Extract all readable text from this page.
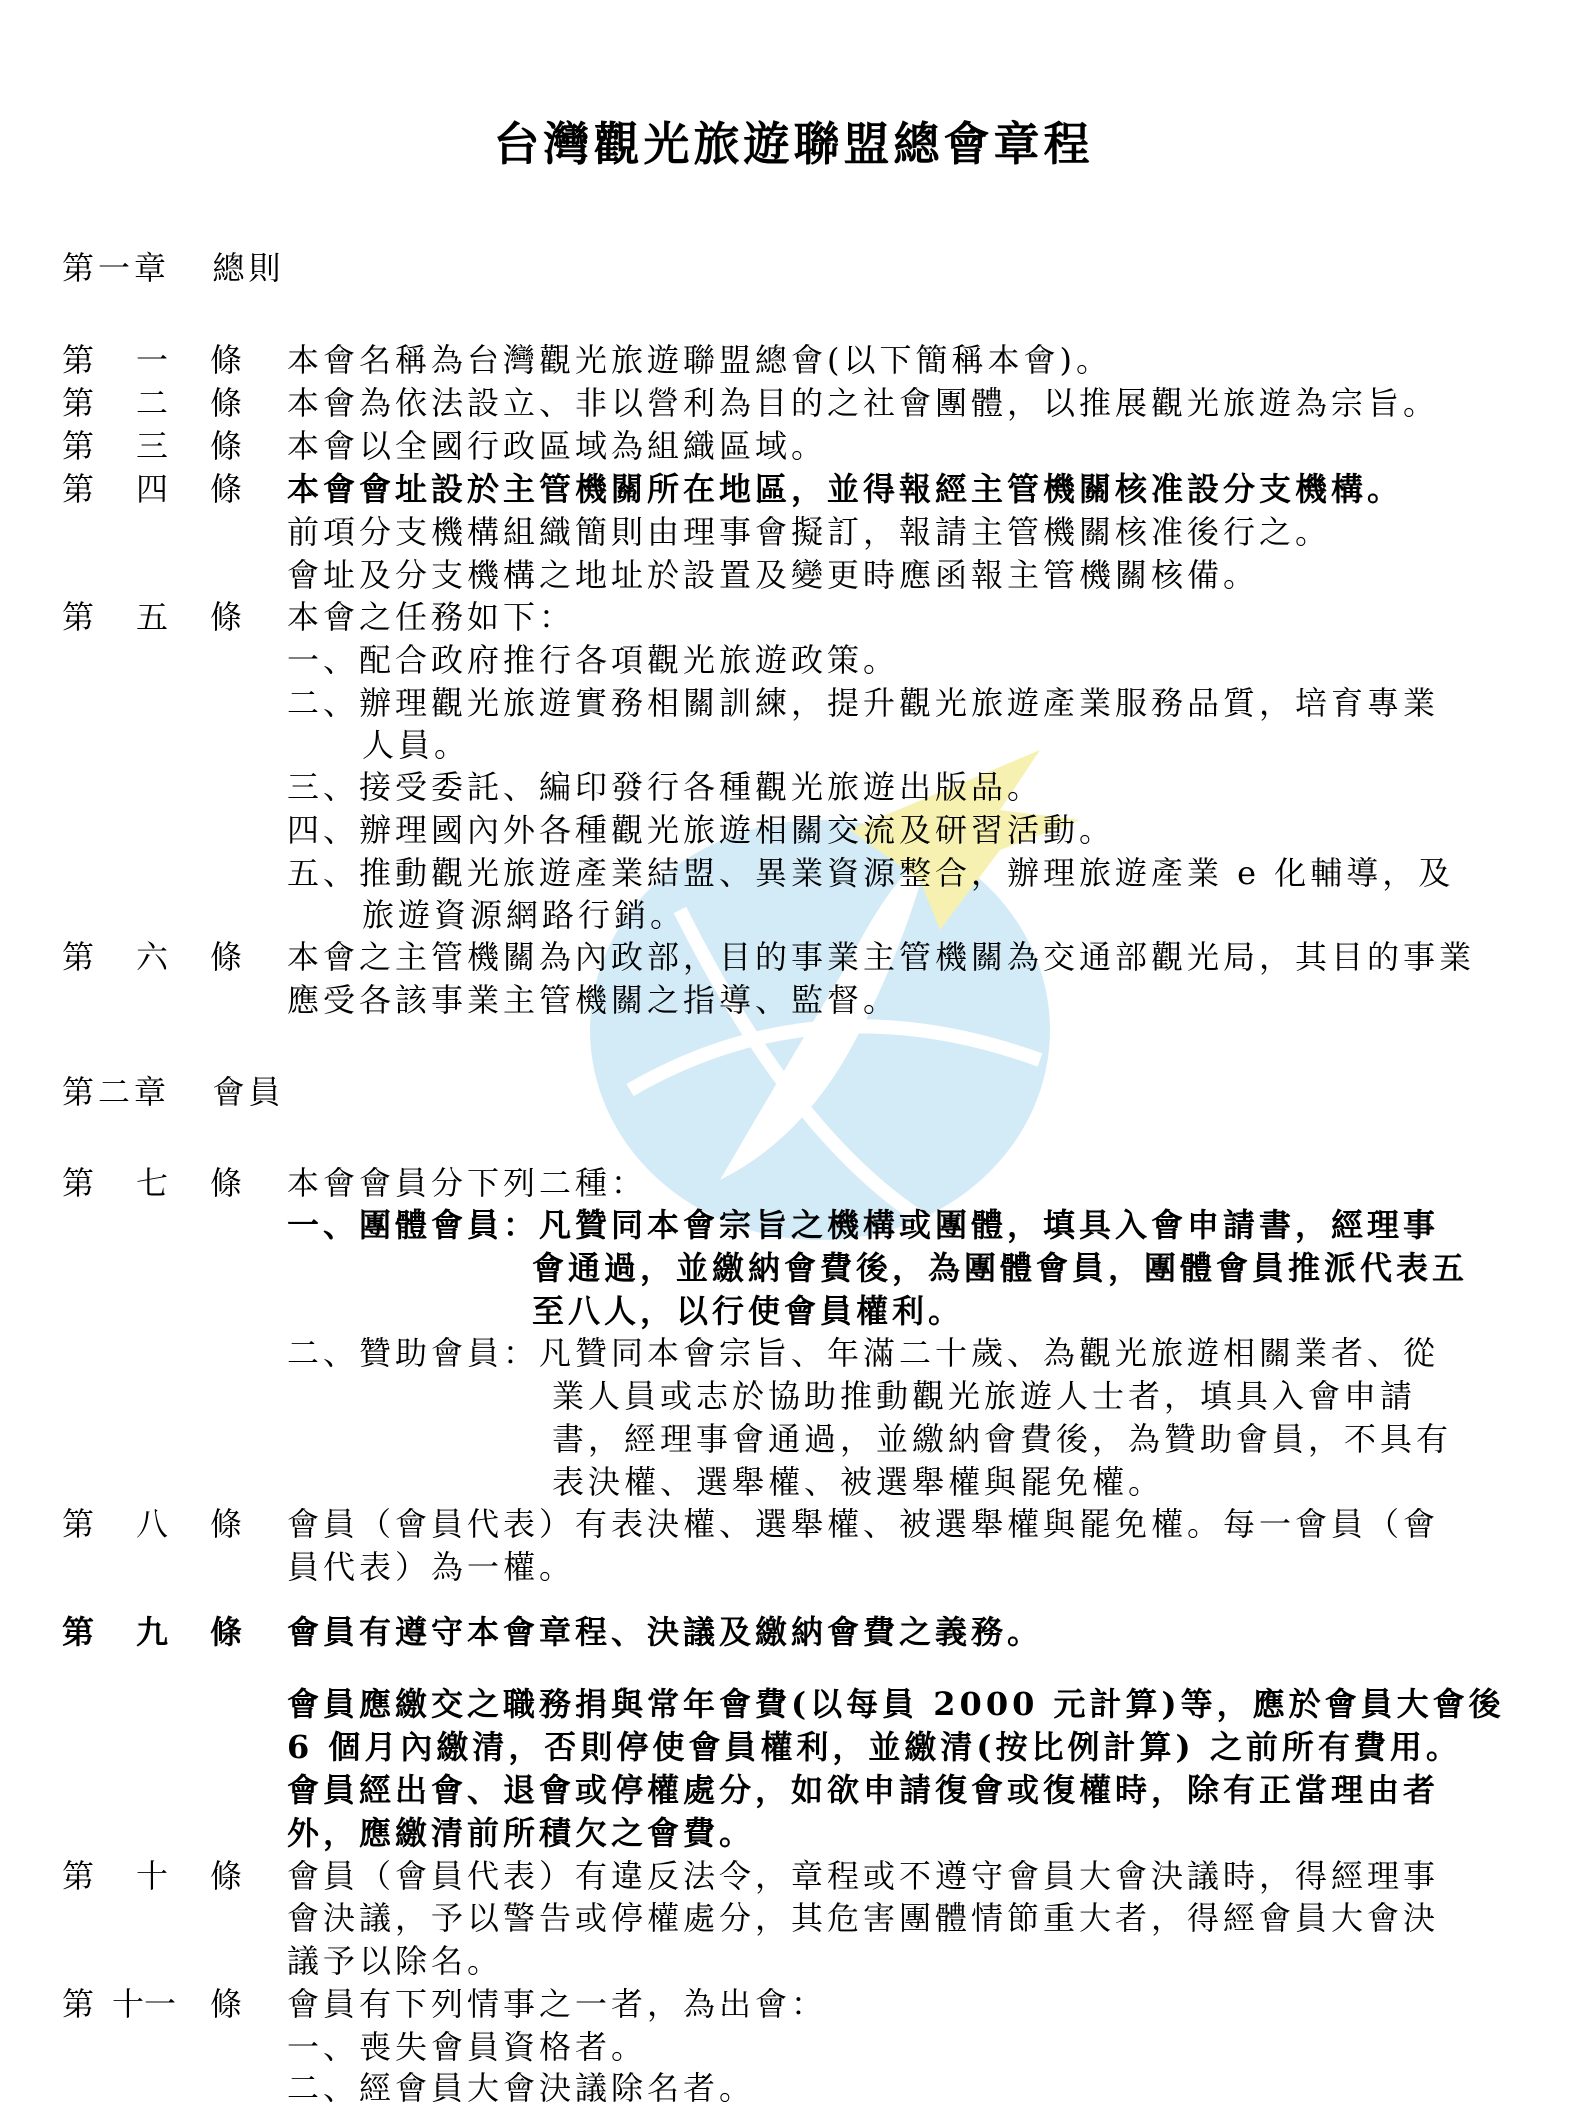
台灣觀光旅遊聯盟總會章程
第一章 總則
第 一 條
第 二 條
第 三 條
第 四 條
第 五 條
第 六 條
本會名稱為台灣觀光旅遊聯盟總會(以下簡稱本會)。
本會為依法設立、非以營利為目的之社會團體，以推展觀光旅遊為宗旨。
本會以全國行政區域為組織區域。
本會會址設於主管機關所在地區，並得報經主管機關核准設分支機構。
前項分支機構組織簡則由理事會擬訂，報請主管機關核准後行之。
會址及分支機構之地址於設置及變更時應函報主管機關核備。
本會之任務如下：
一、配合政府推行各項觀光旅遊政策。
二、辦理觀光旅遊實務相關訓練，提升觀光旅遊產業服務品質，培育專業
人員。
三、接受委託、編印發行各種觀光旅遊出版品。
四、辦理國內外各種觀光旅遊相關交流及研習活動。
五、推動觀光旅遊產業結盟、異業資源整合，辦理旅遊產業 e 化輔導，及
旅遊資源網路行銷。
本會之主管機關為內政部，目的事業主管機關為交通部觀光局，其目的事業
應受各該事業主管機關之指導、監督。
第二章 會員
第 七 條 本會會員分下列二種：
一、團體會員：凡贊同本會宗旨之機構或團體，填具入會申請書，經理事
會通過，並繳納會費後，為團體會員，團體會員推派代表五
至八人，以行使會員權利。
二、贊助會員：凡贊同本會宗旨、年滿二十歲、為觀光旅遊相關業者、從
業人員或志於協助推動觀光旅遊人士者，填具入會申請
書，經理事會通過，並繳納會費後，為贊助會員，不具有
表決權、選舉權、被選舉權與罷免權。
第 八 條 會員（會員代表）有表決權、選舉權、被選舉權與罷免權。每一會員（會
員代表）為一權。
第 九 條 會員有遵守本會章程、決議及繳納會費之義務。
會員應繳交之職務捐與常年會費(以每員 2000 元計算)等，應於會員大會後
6 個月內繳清，否則停使會員權利，並繳清(按比例計算) 之前所有費用。
會員經出會、退會或停權處分，如欲申請復會或復權時，除有正當理由者
外，應繳清前所積欠之會費。
第 十 條 會員（會員代表）有違反法令，章程或不遵守會員大會決議時，得經理事
會決議，予以警告或停權處分，其危害團體情節重大者，得經會員大會決
議予以除名。
第 十一 條 會員有下列情事之一者，為出會：
一、喪失會員資格者。
二、經會員大會決議除名者。
